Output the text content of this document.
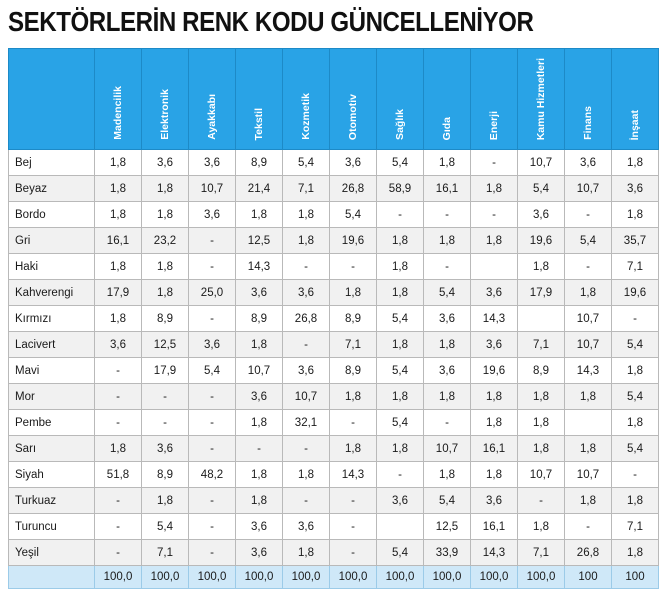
SEKTÖRLERİN RENK KODU GÜNCELLENİYOR
	Madencilik	Elektronik	Ayakkabı	Tekstil	Kozmetik	Otomotiv	Sağlık	Gıda	Enerji	Kamu Hizmetleri	Finans	İnşaat
Bej	1,8	3,6	3,6	8,9	5,4	3,6	5,4	1,8	-	10,7	3,6	1,8
Beyaz	1,8	1,8	10,7	21,4	7,1	26,8	58,9	16,1	1,8	5,4	10,7	3,6
Bordo	1,8	1,8	3,6	1,8	1,8	5,4	-	-	-	3,6	-	1,8
Gri	16,1	23,2	-	12,5	1,8	19,6	1,8	1,8	1,8	19,6	5,4	35,7
Haki	1,8	1,8	-	14,3	-	-	1,8	-		1,8	-	7,1
Kahverengi	17,9	1,8	25,0	3,6	3,6	1,8	1,8	5,4	3,6	17,9	1,8	19,6
Kırmızı	1,8	8,9	-	8,9	26,8	8,9	5,4	3,6	14,3		10,7	-
Lacivert	3,6	12,5	3,6	1,8	-	7,1	1,8	1,8	3,6	7,1	10,7	5,4
Mavi	-	17,9	5,4	10,7	3,6	8,9	5,4	3,6	19,6	8,9	14,3	1,8
Mor	-	-	-	3,6	10,7	1,8	1,8	1,8	1,8	1,8	1,8	5,4
Pembe	-	-	-	1,8	32,1	-	5,4	-	1,8	1,8		1,8
Sarı	1,8	3,6	-	-	-	1,8	1,8	10,7	16,1	1,8	1,8	5,4
Siyah	51,8	8,9	48,2	1,8	1,8	14,3	-	1,8	1,8	10,7	10,7	-
Turkuaz	-	1,8	-	1,8	-	-	3,6	5,4	3,6	-	1,8	1,8
Turuncu	-	5,4	-	3,6	3,6	-		12,5	16,1	1,8	-	7,1
Yeşil	-	7,1	-	3,6	1,8	-	5,4	33,9	14,3	7,1	26,8	1,8
	100,0	100,0	100,0	100,0	100,0	100,0	100,0	100,0	100,0	100,0	100	100
